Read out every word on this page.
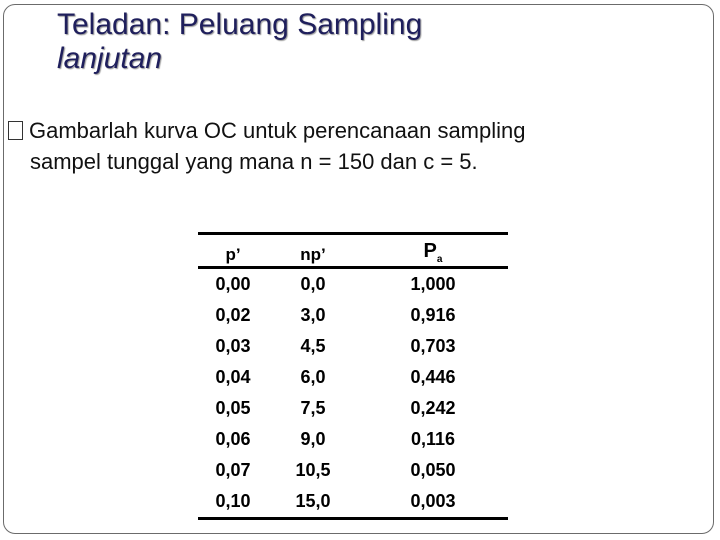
Teladan: Peluang Sampling
lanjutan
Gambarlah kurva OC untuk perencanaan sampling
sampel tunggal yang mana n = 150 dan c = 5.
p’	np’	$P_a$
0,00	0,0	1,000
0,02	3,0	0,916
0,03	4,5	0,703
0,04	6,0	0,446
0,05	7,5	0,242
0,06	9,0	0,116
0,07	10,5	0,050
0,10	15,0	0,003
